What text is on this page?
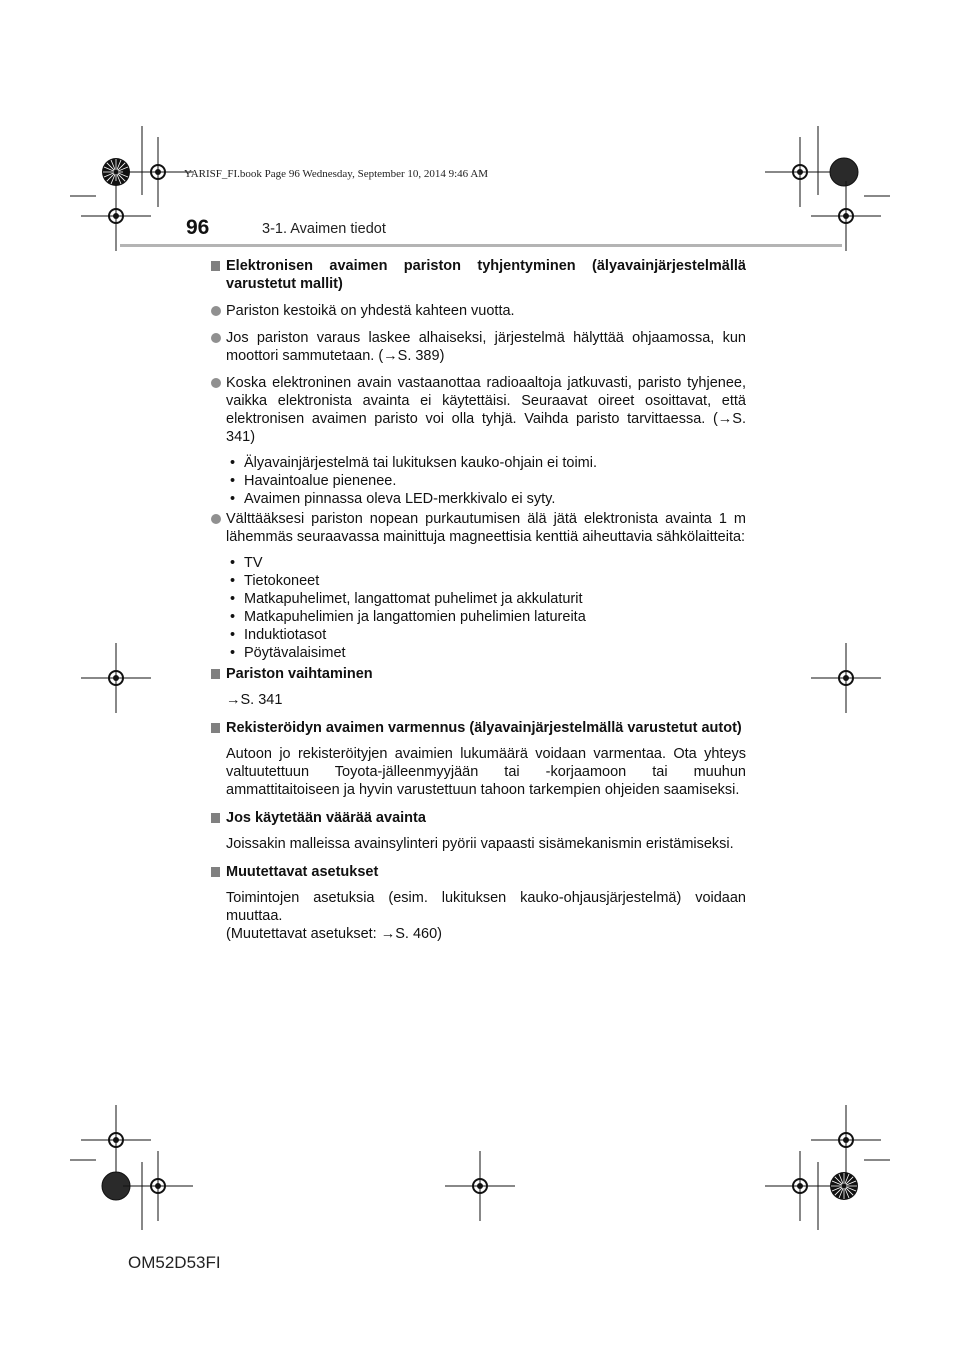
YARISF_FI.book Page 96 Wednesday, September 10, 2014 9:46 AM
96	3-1. Avaimen tiedot
Elektronisen avaimen pariston tyhjentyminen (älyavainjärjestelmällä varustetut mallit)
Pariston kestoikä on yhdestä kahteen vuotta.
Jos pariston varaus laskee alhaiseksi, järjestelmä hälyttää ohjaamossa, kun moottori sammutetaan. (→S. 389)
Koska elektroninen avain vastaanottaa radioaaltoja jatkuvasti, paristo tyhjenee, vaikka elektronista avainta ei käytettäisi. Seuraavat oireet osoittavat, että elektronisen avaimen paristo voi olla tyhjä. Vaihda paristo tarvittaessa. (→S. 341)
• Älyavainjärjestelmä tai lukituksen kauko-ohjain ei toimi.
• Havaintoalue pienenee.
• Avaimen pinnassa oleva LED-merkkivalo ei syty.
Välttääksesi pariston nopean purkautumisen älä jätä elektronista avainta 1 m lähemmäs seuraavassa mainittuja magneettisia kenttiä aiheuttavia sähkölaitteita:
• TV
• Tietokoneet
• Matkapuhelimet, langattomat puhelimet ja akkulaturit
• Matkapuhelimien ja langattomien puhelimien latureita
• Induktiotasot
• Pöytävalaisimet
Pariston vaihtaminen
→S. 341
Rekisteröidyn avaimen varmennus (älyavainjärjestelmällä varustetut autot)
Autoon jo rekisteröityjen avaimien lukumäärä voidaan varmentaa. Ota yhteys valtuutettuun Toyota-jälleenmyyjään tai -korjaamoon tai muuhun ammattitaitoiseen ja hyvin varustettuun tahoon tarkempien ohjeiden saamiseksi.
Jos käytetään väärää avainta
Joissakin malleissa avainsylinteri pyörii vapaasti sisämekanismin eristämiseksi.
Muutettavat asetukset
Toimintojen asetuksia (esim. lukituksen kauko-ohjausjärjestelmä) voidaan muuttaa.
(Muutettavat asetukset: →S. 460)
OM52D53FI
